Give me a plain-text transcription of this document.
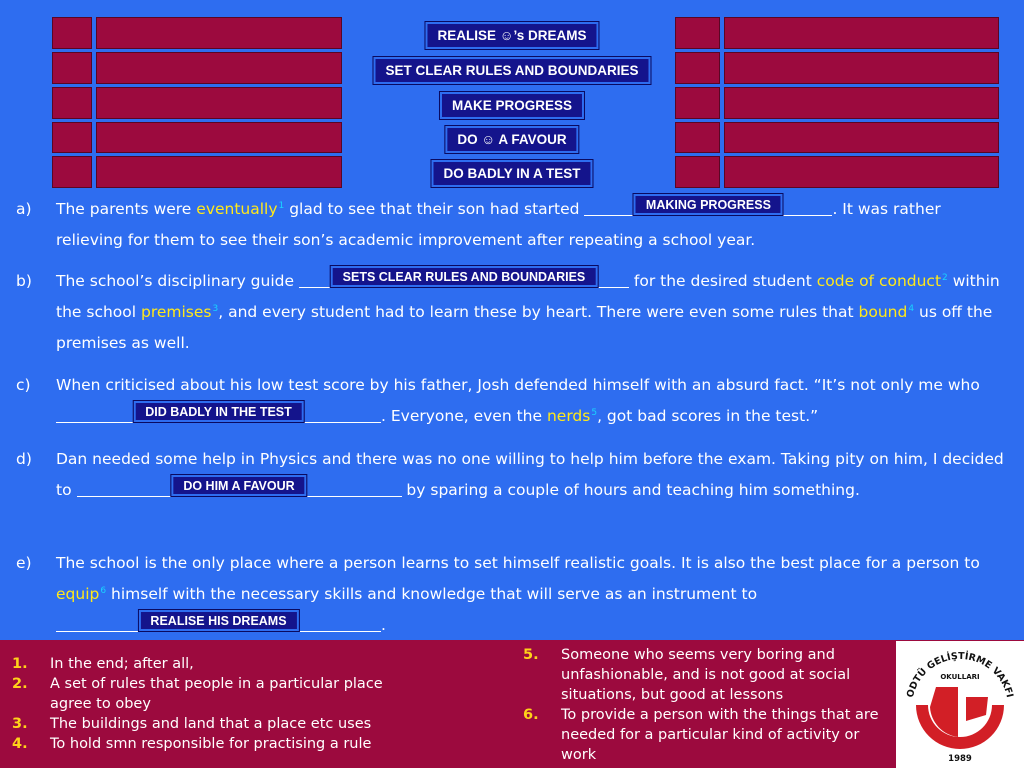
REALISE ☺’s DREAMS
SET CLEAR RULES AND BOUNDARIES
MAKE PROGRESS
DO ☺ A FAVOUR
DO BADLY IN A TEST
a) The parents were eventually$^1$ glad to see that their son had started	MAKING PROGRESS	. It was rather relieving for them to see their son’s academic improvement after repeating a school year.
b) The school’s disciplinary guide	SETS CLEAR RULES AND BOUNDARIES	for the desired student code of conduct$^2$ within the school premises$^3$, and every student had to learn these by heart. There were even some rules that bound$^4$ us off the premises as well.
c) When criticised about his low test score by his father, Josh defended himself with an absurd fact. “It’s not only me who
DID BADLY IN THE TEST	. Everyone, even the nerds$^5$, got bad scores in the test.”
d) Dan needed some help in Physics and there was no one willing to help him before the exam. Taking pity on him, I decided to	DO HIM A FAVOUR	by sparing a couple of hours and teaching him something.
e) The school is the only place where a person learns to set himself realistic goals. It is also the best place for a person to equip$^6$ himself with the necessary skills and knowledge that will serve as an instrument to
REALISE HIS DREAMS	.
1. In the end; after all,
2. A set of rules that people in a particular place agree to obey
3. The buildings and land that a place etc uses
4. To hold smn responsible for practising a rule
5. Someone who seems very boring and unfashionable, and is not good at social situations, but good at lessons
6. To provide a person with the things that are needed for a particular kind of activity or work
ODTÜ GELİŞTİRME VAKFI
OKULLARI
1989
